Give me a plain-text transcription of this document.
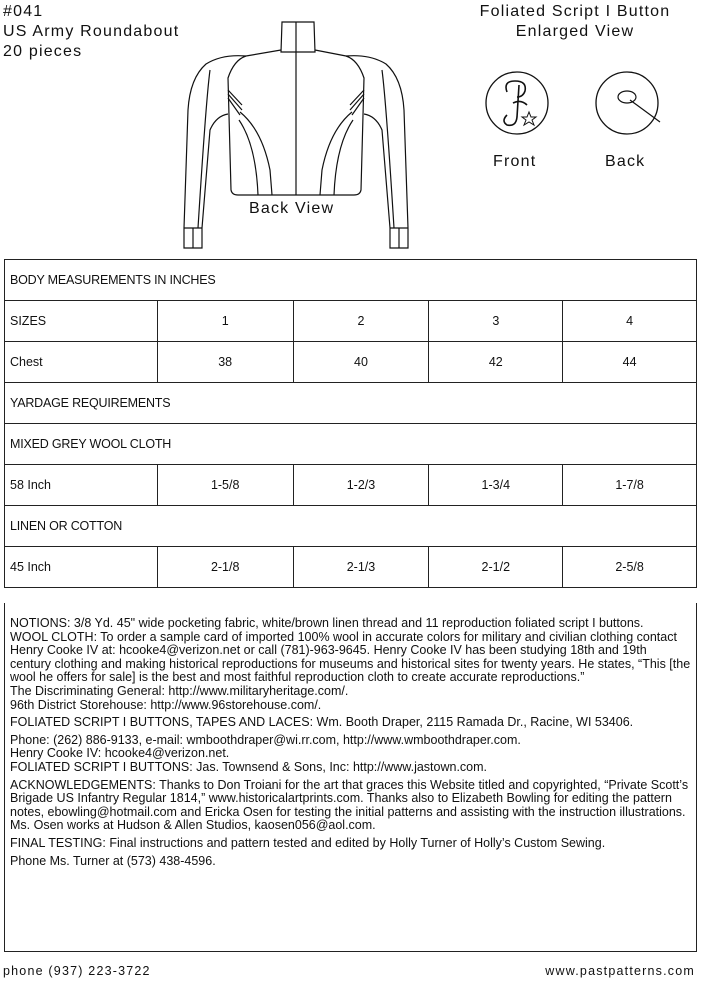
#041
US Army Roundabout
20 pieces
Foliated Script I Button
Enlarged View
Back View
Front	Back
BODY MEASUREMENTS IN INCHES				
SIZES	1	2	3	4
Chest	38	40	42	44
YARDAGE REQUIREMENTS				
MIXED GREY WOOL CLOTH				
58 Inch	1-5/8	1-2/3	1-3/4	1-7/8
LINEN OR COTTON				
45 Inch	2-1/8	2-1/3	2-1/2	2-5/8

NOTIONS: 3/8 Yd. 45" wide pocketing fabric, white/brown linen thread and 11 reproduction foliated script I buttons.

WOOL CLOTH: To order a sample card of imported 100% wool in accurate colors for military and civilian clothing contact Henry Cooke IV at: hcooke4@verizon.net or call (781)-963-9645. Henry Cooke IV has been studying 18th and 19th century clothing and making historical reproductions for museums and historical sites for twenty years. He states, “This [the wool he offers for sale] is the best and most faithful reproduction cloth to create accurate reproductions.”

The Discriminating General: http://www.militaryheritage.com/.

96th District Storehouse: http://www.96storehouse.com/.

FOLIATED SCRIPT I BUTTONS, TAPES AND LACES: Wm. Booth Draper, 2115 Ramada Dr., Racine, WI 53406.

Phone: (262) 886-9133, e-mail: wmboothdraper@wi.rr.com, http://www.wmboothdraper.com.

Henry Cooke IV: hcooke4@verizon.net.

FOLIATED SCRIPT I BUTTONS: Jas. Townsend & Sons, Inc: http://www.jastown.com.

ACKNOWLEDGEMENTS: Thanks to Don Troiani for the art that graces this Website titled and copyrighted, “Private Scott’s Brigade US Infantry Regular 1814,” www.historicalartprints.com. Thanks also to Elizabeth Bowling for editing the pattern notes, ebowling@hotmail.com and Ericka Osen for testing the initial patterns and assisting with the instruction illustrations. Ms. Osen works at Hudson & Allen Studios, kaosen056@aol.com.

FINAL TESTING: Final instructions and pattern tested and edited by Holly Turner of Holly’s Custom Sewing.

Phone Ms. Turner at (573) 438-4596.

phone (937) 223-3722	www.pastpatterns.com
